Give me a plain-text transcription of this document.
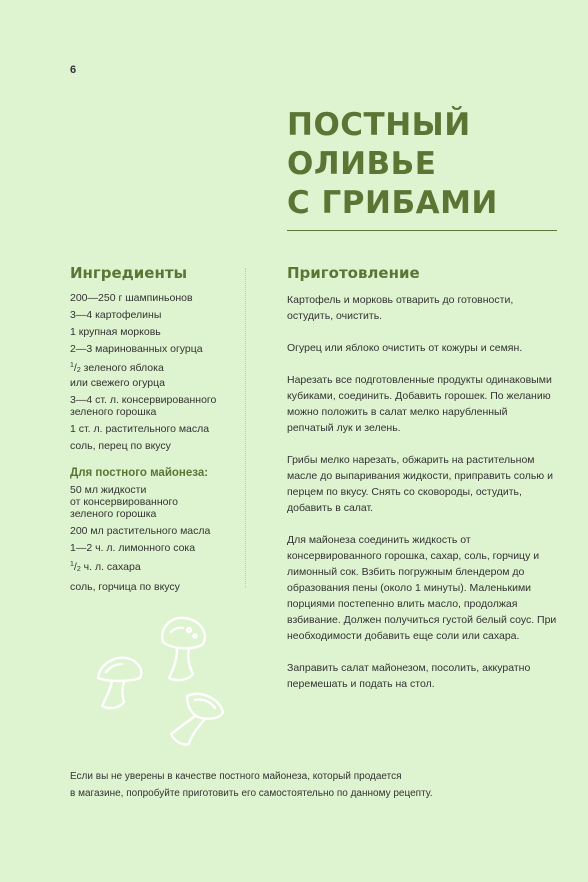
6
ПОСТНЫЙ
ОЛИВЬЕ
С ГРИБАМИ
Ингредиенты
200—250 г шампиньонов
3—4 картофелины
1 крупная морковь
2—3 маринованных огурца
$^1/_2$ зеленого яблока
или свежего огурца
3—4 ст. л. консервированного
зеленого горошка
1 ст. л. растительного масла
соль, перец по вкусу
Для постного майонеза:
50 мл жидкости
от консервированного
зеленого горошка
200 мл растительного масла
1—2 ч. л. лимонного сока
$^1/_2$ ч. л. сахара
соль, горчица по вкусу
Приготовление

Картофель и морковь отварить до готовности, остудить, очистить.

Огурец или яблоко очистить от кожуры и семян.

Нарезать все подготовленные продукты одинаковыми кубиками, соединить. Добавить горошек. По желанию можно положить в салат мелко нарубленный репчатый лук и зелень.

Грибы мелко нарезать, обжарить на растительном масле до выпаривания жидкости, приправить солью и перцем по вкусу. Снять со сковороды, остудить, добавить в салат.

Для майонеза соединить жидкость от консервированного горошка, сахар, соль, горчицу и лимонный сок. Взбить погружным блендером до образования пены (около 1 минуты). Маленькими порциями постепенно влить масло, продолжая взбивание. Должен получиться густой белый соус. При необходимости добавить еще соли или сахара.

Заправить салат майонезом, посолить, аккуратно перемешать и подать на стол.

Если вы не уверены в качестве постного майонеза, который продается
в магазине, попробуйте приготовить его самостоятельно по данному рецепту.
